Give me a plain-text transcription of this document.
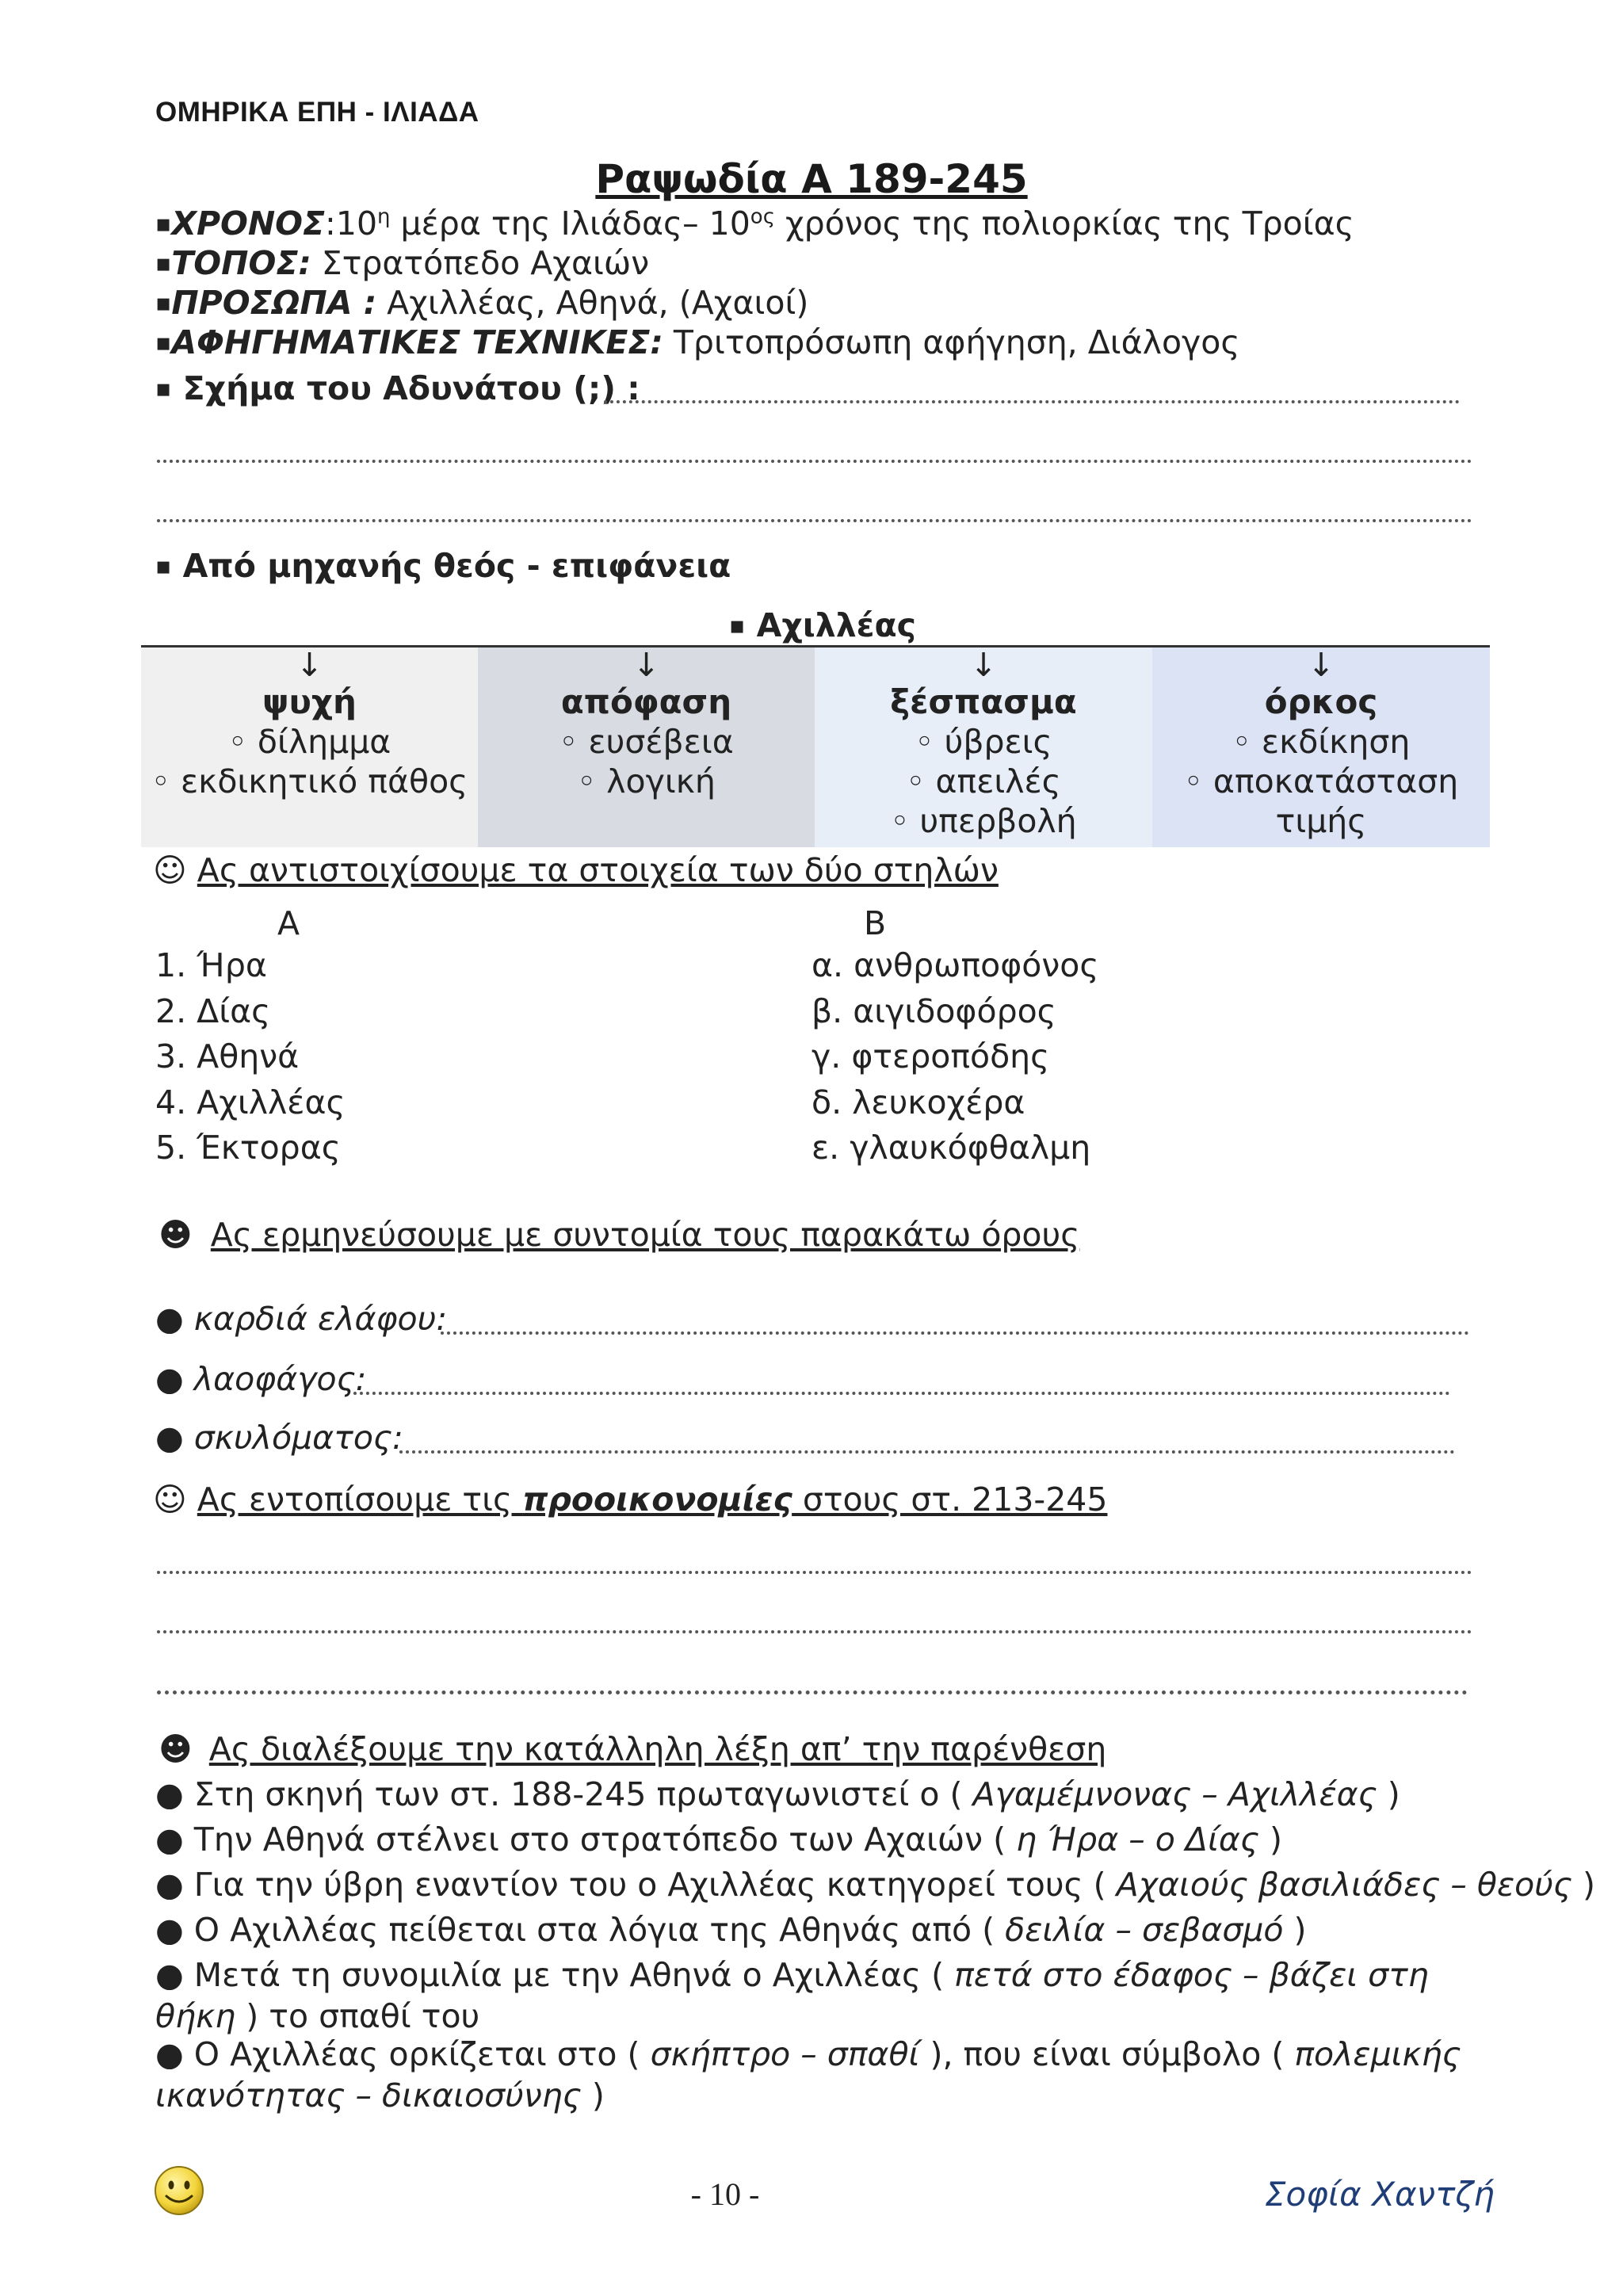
ΟΜΗΡΙΚΑ ΕΠΗ - ΙΛΙΑΔΑ
Ραψωδία Α 189-245
$▪XPONO\Sigma:10^\eta$ μέρα της Ιλιάδας– $10^{o\varsigma}$ χρόνος της πολιορκίας της Τροίας
▪ΤΟΠΟΣ: Στρατόπεδο Αχαιών
▪ΠΡΟΣΩΠΑ : Αχιλλέας, Αθηνά, (Αχαιοί)
▪ΑΦΗΓΗΜΑΤΙΚΕΣ ΤΕΧΝΙΚΕΣ: Τριτοπρόσωπη αφήγηση, Διάλογος
▪ Σχήμα του Αδυνάτου (;) :
▪ Από μηχανής θεός - επιφάνεια
▪ Αχιλλέας
↓
ψυχή
◦ δίλημμα
◦ εκδικητικό πάθος
↓
απόφαση
◦ ευσέβεια
◦ λογική
↓
ξέσπασμα
◦ ύβρεις
◦ απειλές
◦ υπερβολή
↓
όρκος
◦ εκδίκηση
◦ αποκατάσταση
τιμής
☺ Ας αντιστοιχίσουμε τα στοιχεία των δύο στηλών
Α	Β
1. Ήρα
2. Δίας
3. Αθηνά
4. Αχιλλέας
5. Έκτορας
α. ανθρωποφόνος
β. αιγιδοφόρος
γ. φτεροπόδης
δ. λευκοχέρα
ε. γλαυκόφθαλμη
☻ Ας ερμηνεύσουμε με συντομία τους παρακάτω όρους
● καρδιά ελάφου:
● λαοφάγος:
● σκυλόματος:
☺ Ας εντοπίσουμε τις προοικονομίες στους στ. 213-245
☻ Ας διαλέξουμε την κατάλληλη λέξη απ’ την παρένθεση
● Στη σκηνή των στ. 188-245 πρωταγωνιστεί ο ( Αγαμέμνονας – Αχιλλέας )
● Την Αθηνά στέλνει στο στρατόπεδο των Αχαιών ( η Ήρα – ο Δίας )
● Για την ύβρη εναντίον του ο Αχιλλέας κατηγορεί τους ( Αχαιούς βασιλιάδες – θεούς )
● Ο Αχιλλέας πείθεται στα λόγια της Αθηνάς από ( δειλία – σεβασμό )
● Μετά τη συνομιλία με την Αθηνά ο Αχιλλέας ( πετά στο έδαφος – βάζει στη θήκη ) το σπαθί του
● Ο Αχιλλέας ορκίζεται στο ( σκήπτρο – σπαθί ), που είναι σύμβολο ( πολεμικής ικανότητας – δικαιοσύνης )
- 10 -	Σοφία Χαντζή
